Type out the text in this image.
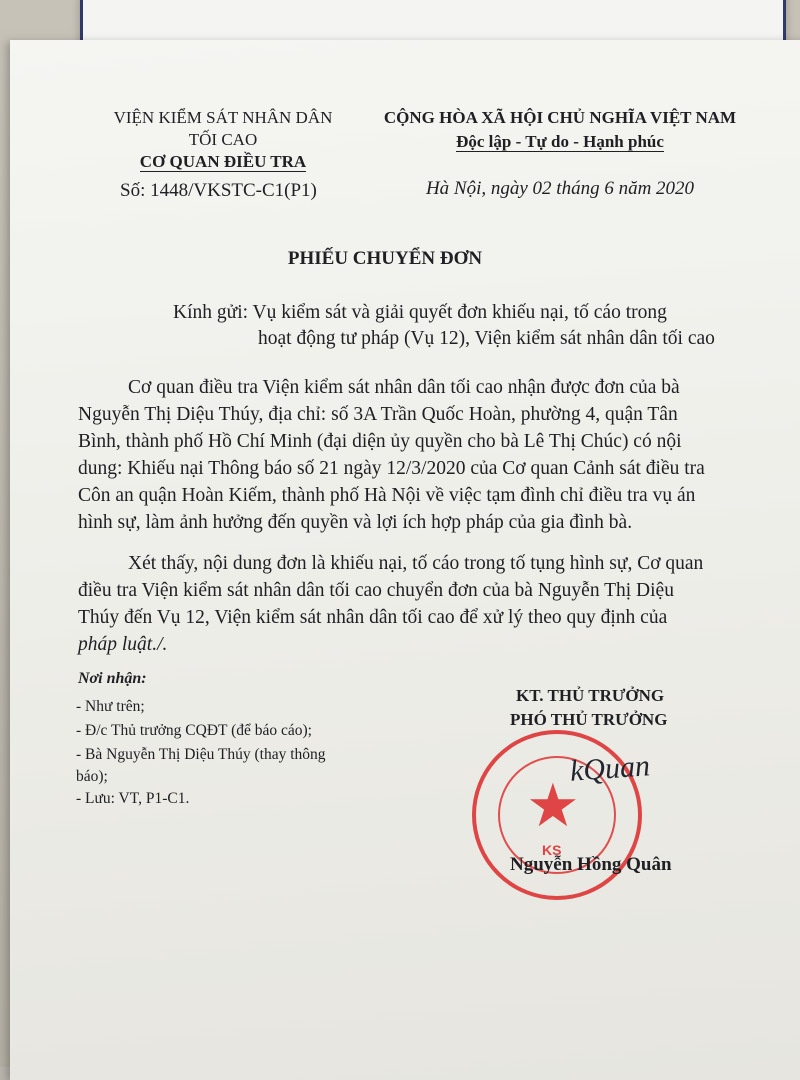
VIỆN KIỂM SÁT NHÂN DÂN
TỐI CAO
CƠ QUAN ĐIỀU TRA
Số: 1448/VKSTC-C1(P1)
CỘNG HÒA XÃ HỘI CHỦ NGHĨA VIỆT NAM
Độc lập - Tự do - Hạnh phúc
Hà Nội, ngày 02 tháng 6 năm 2020
PHIẾU CHUYỂN ĐƠN
Kính gửi: Vụ kiểm sát và giải quyết đơn khiếu nại, tố cáo trong
hoạt động tư pháp (Vụ 12), Viện kiểm sát nhân dân tối cao
Cơ quan điều tra Viện kiểm sát nhân dân tối cao nhận được đơn của bà
Nguyễn Thị Diệu Thúy, địa chỉ: số 3A Trần Quốc Hoàn, phường 4, quận Tân
Bình, thành phố Hồ Chí Minh (đại diện ủy quyền cho bà Lê Thị Chúc) có nội
dung: Khiếu nại Thông báo số 21 ngày 12/3/2020 của Cơ quan Cảnh sát điều tra
Côn an quận Hoàn Kiếm, thành phố Hà Nội về việc tạm đình chỉ điều tra vụ án
hình sự, làm ảnh hưởng đến quyền và lợi ích hợp pháp của gia đình bà.
Xét thấy, nội dung đơn là khiếu nại, tố cáo trong tố tụng hình sự, Cơ quan
điều tra Viện kiểm sát nhân dân tối cao chuyển đơn của bà Nguyễn Thị Diệu
Thúy đến Vụ 12, Viện kiểm sát nhân dân tối cao để xử lý theo quy định của
pháp luật./.
Nơi nhận:
- Như trên;
- Đ/c Thủ trưởng CQĐT (để báo cáo);
- Bà Nguyễn Thị Diệu Thúy (thay thông
báo);
- Lưu: VT, P1-C1.
KT. THỦ TRƯỞNG
PHÓ THỦ TRƯỞNG
★
KS
kQuan
Nguyễn Hồng Quân
